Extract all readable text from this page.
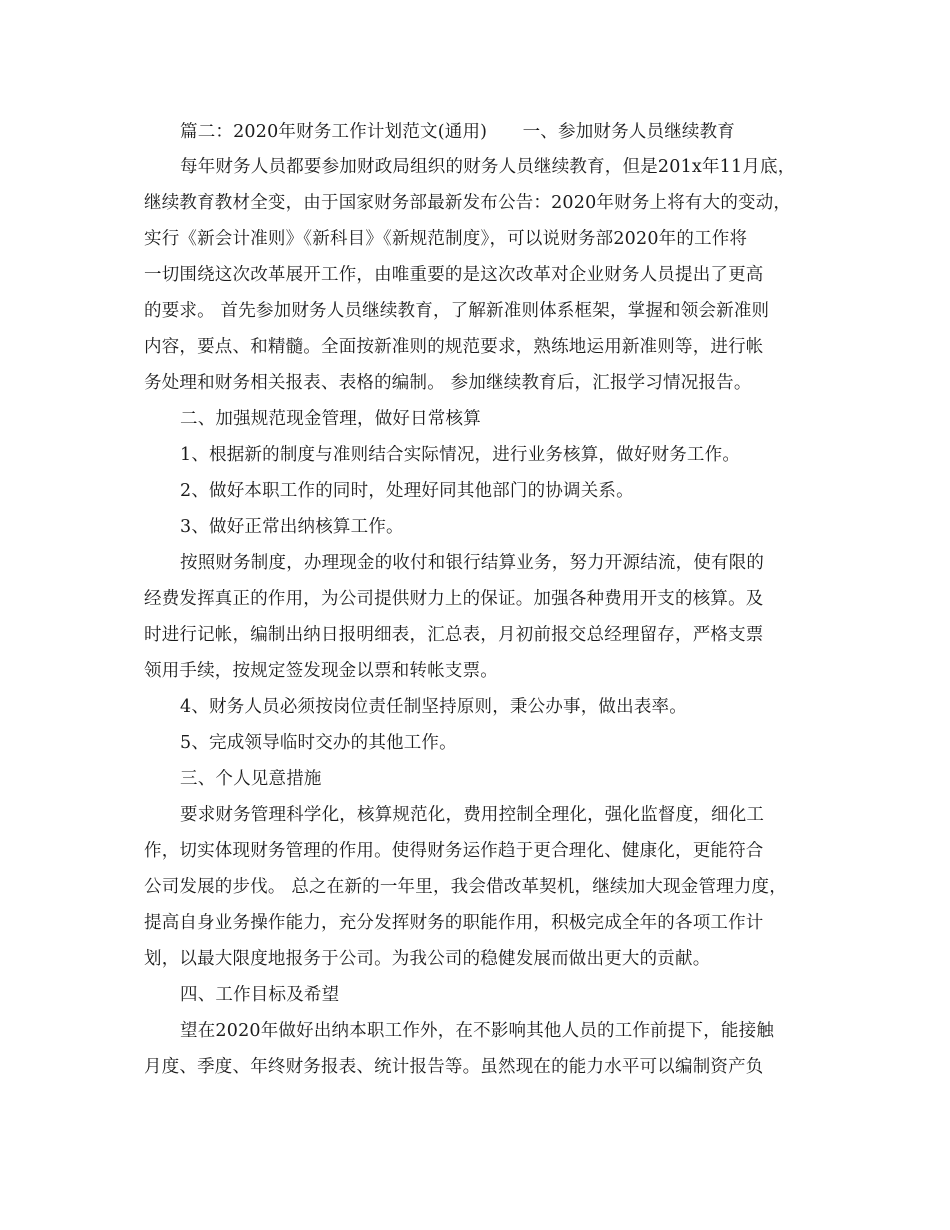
篇二：2020年财务工作计划范文(通用)　　一、参加财务人员继续教育
每年财务人员都要参加财政局组织的财务人员继续教育，但是201x年11月底，
继续教育教材全变，由于国家财务部最新发布公告：2020年财务上将有大的变动，
实行《新会计准则》《新科目》《新规范制度》，可以说财务部2020年的工作将
一切围绕这次改革展开工作，由唯重要的是这次改革对企业财务人员提出了更高
的要求。 首先参加财务人员继续教育，了解新准则体系框架，掌握和领会新准则
内容，要点、和精髓。全面按新准则的规范要求，熟练地运用新准则等，进行帐
务处理和财务相关报表、表格的编制。 参加继续教育后，汇报学习情况报告。
二、加强规范现金管理，做好日常核算
1、根据新的制度与准则结合实际情况，进行业务核算，做好财务工作。
2、做好本职工作的同时，处理好同其他部门的协调关系。
3、做好正常出纳核算工作。
按照财务制度，办理现金的收付和银行结算业务，努力开源结流，使有限的
经费发挥真正的作用，为公司提供财力上的保证。加强各种费用开支的核算。及
时进行记帐，编制出纳日报明细表，汇总表，月初前报交总经理留存，严格支票
领用手续，按规定签发现金以票和转帐支票。
4、财务人员必须按岗位责任制坚持原则，秉公办事，做出表率。
5、完成领导临时交办的其他工作。
三、个人见意措施
要求财务管理科学化，核算规范化，费用控制全理化，强化监督度，细化工
作，切实体现财务管理的作用。使得财务运作趋于更合理化、健康化，更能符合
公司发展的步伐。 总之在新的一年里，我会借改革契机，继续加大现金管理力度，
提高自身业务操作能力，充分发挥财务的职能作用，积极完成全年的各项工作计
划，以最大限度地报务于公司。为我公司的稳健发展而做出更大的贡献。
四、工作目标及希望
望在2020年做好出纳本职工作外，在不影响其他人员的工作前提下，能接触
月度、季度、年终财务报表、统计报告等。虽然现在的能力水平可以编制资产负
